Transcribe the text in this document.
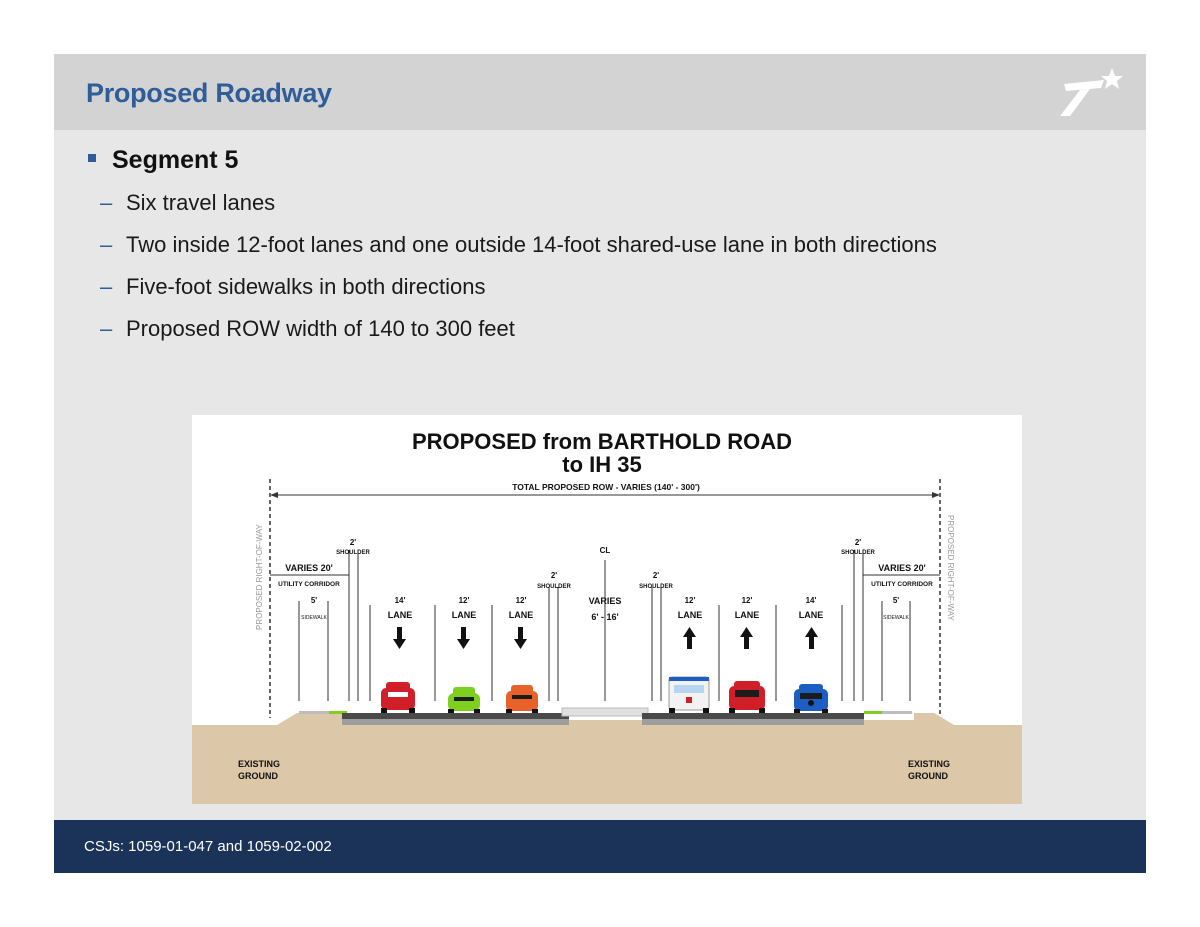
Proposed Roadway
Segment 5
– Six travel lanes
– Two inside 12-foot lanes and one outside 14-foot shared-use lane in both directions
– Five-foot sidewalks in both directions
– Proposed ROW width of 140 to 300 feet
PROPOSED from BARTHOLD ROAD
to IH 35
TOTAL PROPOSED ROW - VARIES (140' - 300')
PROPOSED RIGHT-OF-WAY	PROPOSED RIGHT-OF-WAY
2'
SHOULDER
VARIES 20'
UTILITY CORRIDOR
5'
SIDEWALK
14'
LANE
12'
LANE
12'
LANE
2'
SHOULDER
CL
VARIES
6' - 16'
2'
SHOULDER
12'
LANE
12'
LANE
14'
LANE
2'
SHOULDER
VARIES 20'
UTILITY CORRIDOR
5'
SIDEWALK
EXISTING
GROUND
EXISTING
GROUND
CSJs: 1059-01-047 and 1059-02-002
